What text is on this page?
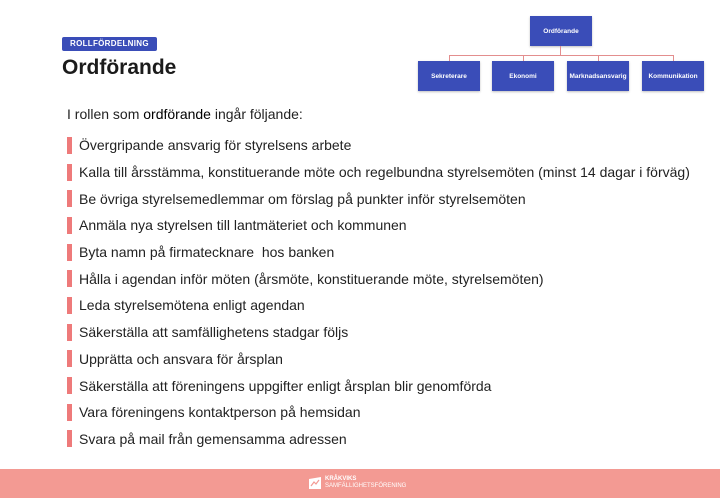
ROLLFÖRDELNING
Ordförande
Ordförande
Sekreterare	Ekonomi	Marknadsansvarig	Kommunikation
I rollen som ordförande ingår följande:
Övergripande ansvarig för styrelsens arbete
Kalla till årsstämma, konstituerande möte och regelbundna styrelsemöten (minst 14 dagar i förväg)
Be övriga styrelsemedlemmar om förslag på punkter inför styrelsemöten
Anmäla nya styrelsen till lantmäteriet och kommunen
Byta namn på firmatecknare  hos banken
Hålla i agendan inför möten (årsmöte, konstituerande möte, styrelsemöten)
Leda styrelsemötena enligt agendan
Säkerställa att samfällighetens stadgar följs
Upprätta och ansvara för årsplan
Säkerställa att föreningens uppgifter enligt årsplan blir genomförda
Vara föreningens kontaktperson på hemsidan
Svara på mail från gemensamma adressen
KRÅKVIKS
SAMFÄLLIGHETSFÖRENING
